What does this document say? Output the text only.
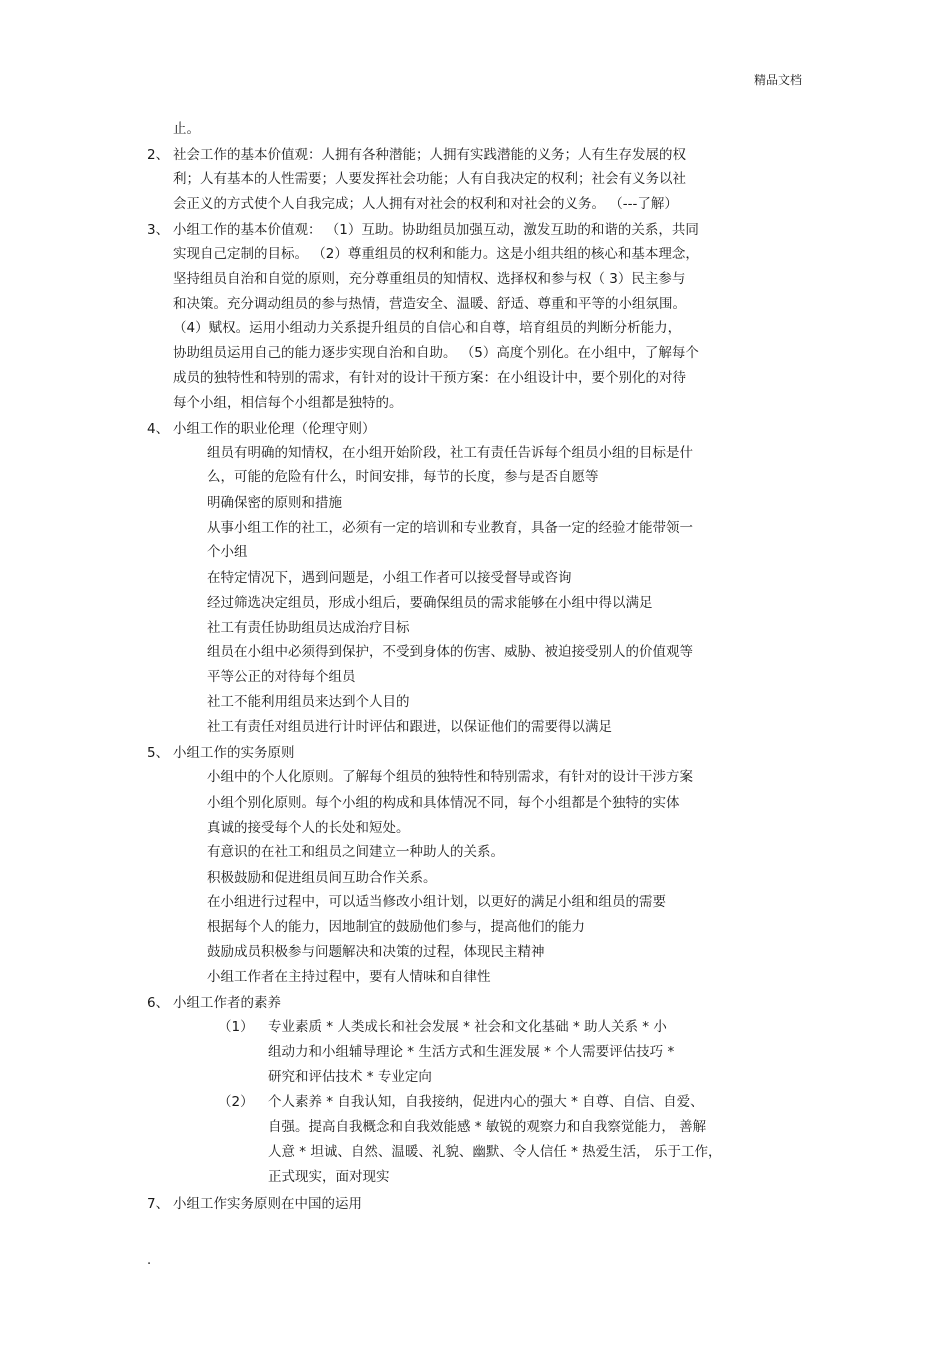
精品文档
止。
2、 社会工作的基本价值观：人拥有各种潜能；人拥有实践潜能的义务；人有生存发展的权
利；人有基本的人性需要；人要发挥社会功能；人有自我决定的权利；社会有义务以社
会正义的方式使个人自我完成；人人拥有对社会的权利和对社会的义务。 （---了解）
3、 小组工作的基本价值观： （1）互助。协助组员加强互动，激发互助的和谐的关系，共同
实现自己定制的目标。 （2）尊重组员的权利和能力。这是小组共组的核心和基本理念，
坚持组员自治和自觉的原则，充分尊重组员的知情权、选择权和参与权（ 3）民主参与
和决策。充分调动组员的参与热情，营造安全、温暖、舒适、尊重和平等的小组氛围。
（4）赋权。运用小组动力关系提升组员的自信心和自尊，培育组员的判断分析能力，
协助组员运用自己的能力逐步实现自治和自助。 （5）高度个别化。在小组中，了解每个
成员的独特性和特别的需求，有针对的设计干预方案：在小组设计中，要个别化的对待
每个小组，相信每个小组都是独特的。
4、 小组工作的职业伦理（伦理守则）
组员有明确的知情权，在小组开始阶段，社工有责任告诉每个组员小组的目标是什
么，可能的危险有什么，时间安排，每节的长度，参与是否自愿等
明确保密的原则和措施
从事小组工作的社工，必须有一定的培训和专业教育，具备一定的经验才能带领一
个小组
在特定情况下，遇到问题是，小组工作者可以接受督导或咨询
经过筛选决定组员，形成小组后，要确保组员的需求能够在小组中得以满足
社工有责任协助组员达成治疗目标
组员在小组中必须得到保护，不受到身体的伤害、威胁、被迫接受别人的价值观等
平等公正的对待每个组员
社工不能利用组员来达到个人目的
社工有责任对组员进行计时评估和跟进，以保证他们的需要得以满足
5、 小组工作的实务原则
小组中的个人化原则。了解每个组员的独特性和特别需求，有针对的设计干涉方案
小组个别化原则。每个小组的构成和具体情况不同，每个小组都是个独特的实体
真诚的接受每个人的长处和短处。
有意识的在社工和组员之间建立一种助人的关系。
积极鼓励和促进组员间互助合作关系。
在小组进行过程中，可以适当修改小组计划，以更好的满足小组和组员的需要
根据每个人的能力，因地制宜的鼓励他们参与，提高他们的能力
鼓励成员积极参与问题解决和决策的过程，体现民主精神
小组工作者在主持过程中，要有人情味和自律性
6、 小组工作者的素养
（1） 专业素质 * 人类成长和社会发展 * 社会和文化基础 * 助人关系 * 小
组动力和小组辅导理论 * 生活方式和生涯发展 * 个人需要评估技巧 *
研究和评估技术 * 专业定向
（2） 个人素养 * 自我认知，自我接纳，促进内心的强大 * 自尊、自信、自爱、
自强。提高自我概念和自我效能感 * 敏锐的观察力和自我察觉能力， 善解
人意 * 坦诚、自然、温暖、礼貌、幽默、令人信任 * 热爱生活， 乐于工作，
正式现实，面对现实
7、 小组工作实务原则在中国的运用
.
